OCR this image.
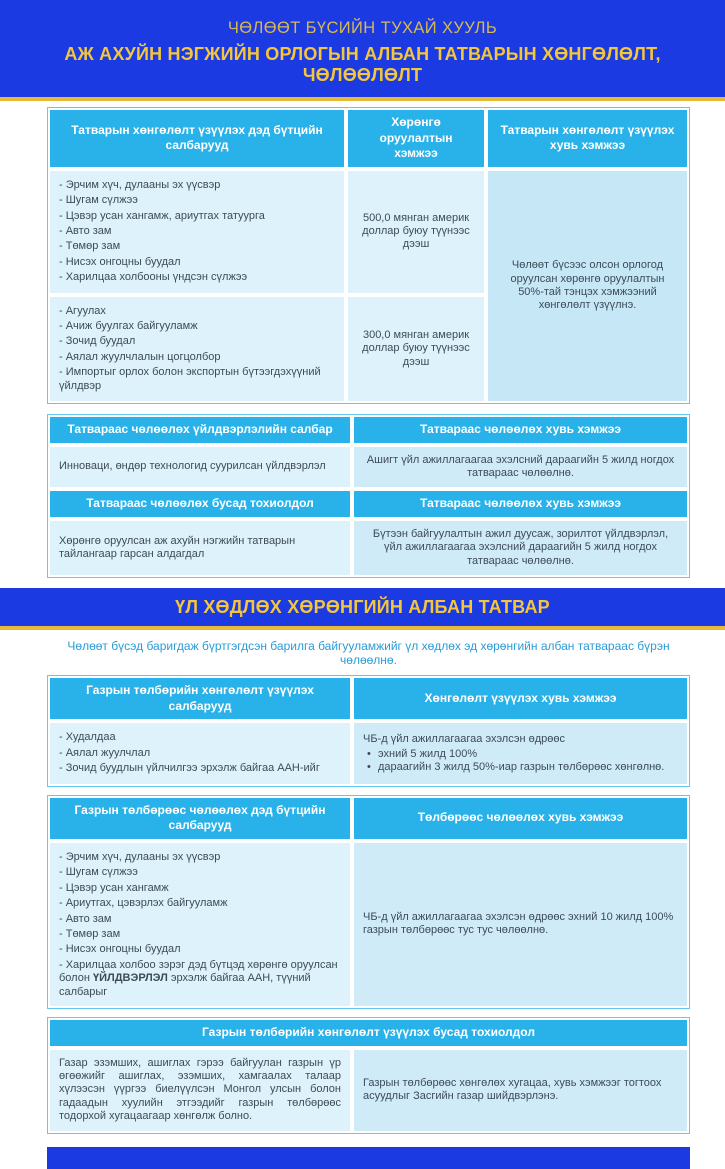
ЧӨЛӨӨТ БҮСИЙН ТУХАЙ ХУУЛЬ
АЖ АХУЙН НЭГЖИЙН ОРЛОГЫН АЛБАН ТАТВАРЫН ХӨНГӨЛӨЛТ, ЧӨЛӨӨЛӨЛТ
Татварын хөнгөлөлт үзүүлэх дэд бүтцийн салбарууд
Хөрөнгө оруулалтын хэмжээ
Татварын хөнгөлөлт үзүүлэх хувь хэмжээ
- Эрчим хүч, дулааны эх үүсвэр
- Шугам сүлжээ
- Цэвэр усан хангамж, ариутгах татуурга
- Авто зам
- Төмөр зам
- Нисэх онгоцны буудал
- Харилцаа холбооны үндсэн сүлжээ
500,0 мянган америк доллар буюу түүнээс дээш
Чөлөөт бүсээс олсон орлогод оруулсан хөрөнгө оруулалтын 50%-тай тэнцэх хэмжээний хөнгөлөлт үзүүлнэ.
- Агуулах
- Ачиж буулгах байгууламж
- Зочид буудал
- Аялал жуулчлалын цогцолбор
- Импортыг орлох болон экспортын бүтээгдэхүүний үйлдвэр
300,0 мянган америк доллар буюу түүнээс дээш
Татвараас чөлөөлөх үйлдвэрлэлийн салбар	Татвараас чөлөөлөх хувь хэмжээ
Инноваци, өндөр технологид суурилсан үйлдвэрлэл
Ашигт үйл ажиллагаагаа эхэлсний дараагийн 5 жилд ногдох татвараас чөлөөлнө.
Татвараас чөлөөлөх бусад тохиолдол	Татвараас чөлөөлөх хувь хэмжээ
Хөрөнгө оруулсан аж ахуйн нэгжийн татварын тайлангаар гарсан алдагдал
Бүтээн байгуулалтын ажил дуусаж, зорилтот үйлдвэрлэл, үйл ажиллагаагаа эхэлсний дараагийн 5 жилд ногдох татвараас чөлөөлнө.
ҮЛ ХӨДЛӨХ ХӨРӨНГИЙН АЛБАН ТАТВАР
Чөлөөт бүсэд баригдаж бүртгэгдсэн барилга байгууламжийг үл хөдлөх эд хөрөнгийн албан татвараас бүрэн чөлөөлнө.
Газрын төлбөрийн хөнгөлөлт үзүүлэх салбарууд
Хөнгөлөлт үзүүлэх хувь хэмжээ
- Худалдаа
- Аялал жуулчлал
- Зочид буудлын үйлчилгээ эрхэлж байгаа ААН-ийг
ЧБ-д үйл ажиллагаагаа эхэлсэн өдрөөс
• эхний 5 жилд 100%
• дараагийн 3 жилд 50%-иар газрын төлбөрөөс хөнгөлнө.
Газрын төлбөрөөс чөлөөлөх дэд бүтцийн салбарууд
Төлбөрөөс чөлөөлөх хувь хэмжээ
- Эрчим хүч, дулааны эх үүсвэр
- Шугам сүлжээ
- Цэвэр усан хангамж
- Ариутгах, цэвэрлэх байгууламж
- Авто зам
- Төмөр зам
- Нисэх онгоцны буудал
- Харилцаа холбоо зэрэг дэд бүтцэд хөрөнгө оруулсан болон ҮЙЛДВЭРЛЭЛ эрхэлж байгаа ААН, түүний салбарыг
ЧБ-д үйл ажиллагаагаа эхэлсэн өдрөөс эхний 10 жилд 100% газрын төлбөрөөс тус тус чөлөөлнө.
Газрын төлбөрийн хөнгөлөлт үзүүлэх бусад тохиолдол
Газар эзэмших, ашиглах гэрээ байгуулан газрын үр өгөөжийг ашиглах, эзэмших, хамгаалах талаар хүлээсэн үүргээ биелүүлсэн Монгол улсын болон гадаадын хуулийн этгээдийг газрын төлбөрөөс тодорхой хугацаагаар хөнгөлж болно.
Газрын төлбөрөөс хөнгөлөх хугацаа, хувь хэмжээг тогтоох асуудлыг Засгийн газар шийдвэрлэнэ.
